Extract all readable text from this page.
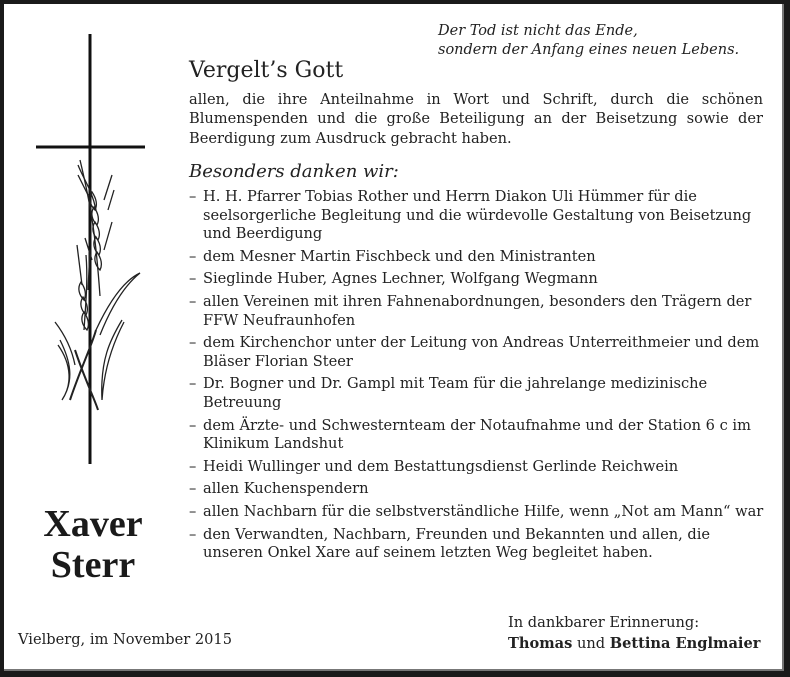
Der Tod ist nicht das Ende,
sondern der Anfang eines neuen Lebens.
Vergelt’s Gott
allen, die ihre Anteilnahme in Wort und Schrift, durch die schönen Blumenspenden und die große Beteiligung an der Beisetzung sowie der Beerdigung zum Ausdruck gebracht haben.
Besonders danken wir:
– H. H. Pfarrer Tobias Rother und Herrn Diakon Uli Hümmer für die seelsorgerliche Begleitung und die würdevolle Gestaltung von Beisetzung und Beerdigung
– dem Mesner Martin Fischbeck und den Ministranten
– Sieglinde Huber, Agnes Lechner, Wolfgang Wegmann
– allen Vereinen mit ihren Fahnenabordnungen, besonders den Trägern der FFW Neufraunhofen
– dem Kirchenchor unter der Leitung von Andreas Unterreithmeier und dem Bläser Florian Steer
– Dr. Bogner und Dr. Gampl mit Team für die jahrelange medizinische Betreuung
– dem Ärzte- und Schwesternteam der Notaufnahme und der Station 6 c im Klinikum Landshut
– Heidi Wullinger und dem Bestattungsdienst Gerlinde Reichwein
– allen Kuchenspendern
– allen Nachbarn für die selbstverständliche Hilfe, wenn „Not am Mann“ war
– den Verwandten, Nachbarn, Freunden und Bekannten und allen, die unseren Onkel Xare auf seinem letzten Weg begleitet haben.
Xaver
Sterr
Vielberg, im November 2015
In dankbarer Erinnerung:
Thomas und Bettina Englmaier
